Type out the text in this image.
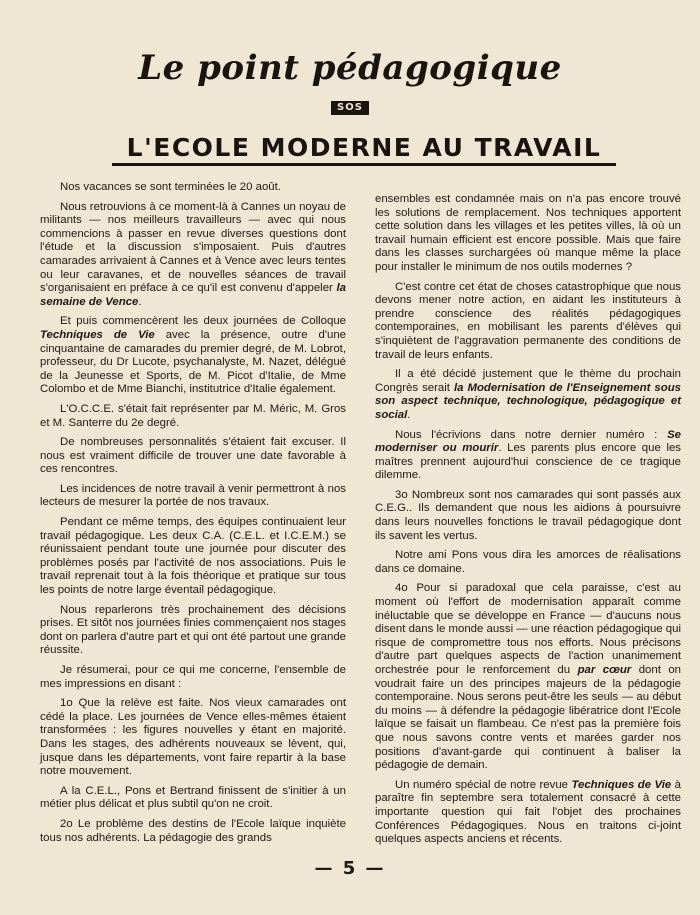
Le point pédagogique
SOS
L'ECOLE MODERNE AU TRAVAIL

Nos vacances se sont terminées le 20 août.

Nous retrouvions à ce moment-là à Cannes un noyau de militants — nos meilleurs travailleurs — avec qui nous commencions à passer en revue diverses questions dont l'étude et la discussion s'imposaient. Puis d'autres camarades arrivaient à Cannes et à Vence avec leurs tentes ou leur caravanes, et de nouvelles séances de travail s'organisaient en préface à ce qu'il est convenu d'appeler la semaine de Vence.

Et puis commencèrent les deux journées de Colloque Techniques de Vie avec la présence, outre d'une cinquantaine de camarades du premier degré, de M. Lobrot, professeur, du Dr Lucote, psychanalyste, M. Nazet, délégué de la Jeunesse et Sports, de M. Picot d'Italie, de Mme Colombo et de Mme Bianchi, institutrice d'Italie également.

L'O.C.C.E. s'était fait représenter par M. Méric, M. Gros et M. Santerre du 2e degré.

De nombreuses personnalités s'étaient fait excuser. Il nous est vraiment difficile de trouver une date favorable à ces rencontres.

Les incidences de notre travail à venir permettront à nos lecteurs de mesurer la portée de nos travaux.

Pendant ce même temps, des équipes continuaient leur travail pédagogique. Les deux C.A. (C.E.L. et I.C.E.M.) se réunissaient pendant toute une journée pour discuter des problèmes posés par l'activité de nos associations. Puis le travail reprenait tout à la fois théorique et pratique sur tous les points de notre large éventail pédagogique.

Nous reparlerons très prochainement des décisions prises. Et sitôt nos journées finies commençaient nos stages dont on parlera d'autre part et qui ont été partout une grande réussite.

Je résumerai, pour ce qui me concerne, l'ensemble de mes impressions en disant :

1o Que la relève est faite. Nos vieux camarades ont cédé la place. Les journées de Vence elles-mêmes étaient transformées : les figures nouvelles y étant en majorité. Dans les stages, des adhérents nouveaux se lèvent, qui, jusque dans les départements, vont faire repartir à la base notre mouvement.

A la C.E.L., Pons et Bertrand finissent de s'initier à un métier plus délicat et plus subtil qu'on ne croit.

2o Le problème des destins de l'Ecole laïque inquiète tous nos adhérents. La pédagogie des grands

ensembles est condamnée mais on n'a pas encore trouvé les solutions de remplacement. Nos techniques apportent cette solution dans les villages et les petites villes, là où un travail humain efficient est encore possible. Mais que faire dans les classes surchargées où manque même la place pour installer le minimum de nos outils modernes ?

C'est contre cet état de choses catastrophique que nous devons mener notre action, en aidant les instituteurs à prendre conscience des réalités pédagogiques contemporaines, en mobilisant les parents d'élèves qui s'inquiètent de l'aggravation permanente des conditions de travail de leurs enfants.

Il a été décidé justement que le thème du prochain Congrès serait la Modernisation de l'Enseignement sous son aspect technique, technologique, pédagogique et social.

Nous l'écrivions dans notre dernier numéro : Se moderniser ou mourir. Les parents plus encore que les maîtres prennent aujourd'hui conscience de ce tragique dilemme.

3o Nombreux sont nos camarades qui sont passés aux C.E.G.. Ils demandent que nous les aidions à poursuivre dans leurs nouvelles fonctions le travail pédagogique dont ils savent les vertus.

Notre ami Pons vous dira les amorces de réalisations dans ce domaine.

4o Pour si paradoxal que cela paraisse, c'est au moment où l'effort de modernisation apparaît comme inéluctable que se développe en France — d'aucuns nous disent dans le monde aussi — une réaction pédagogique qui risque de compromettre tous nos efforts. Nous précisons d'autre part quelques aspects de l'action unanimement orchestrée pour le renforcement du par cœur dont on voudrait faire un des principes majeurs de la pédagogie contemporaine. Nous serons peut-être les seuls — au début du moins — à défendre la pédagogie libératrice dont l'Ecole laïque se faisait un flambeau. Ce n'est pas la première fois que nous savons contre vents et marées garder nos positions d'avant-garde qui continuent à baliser la pédagogie de demain.

Un numéro spécial de notre revue Techniques de Vie à paraître fin septembre sera totalement consacré à cette importante question qui fait l'objet des prochaines Conférences Pédagogiques. Nous en traitons ci-joint quelques aspects anciens et récents.

— 5 —
